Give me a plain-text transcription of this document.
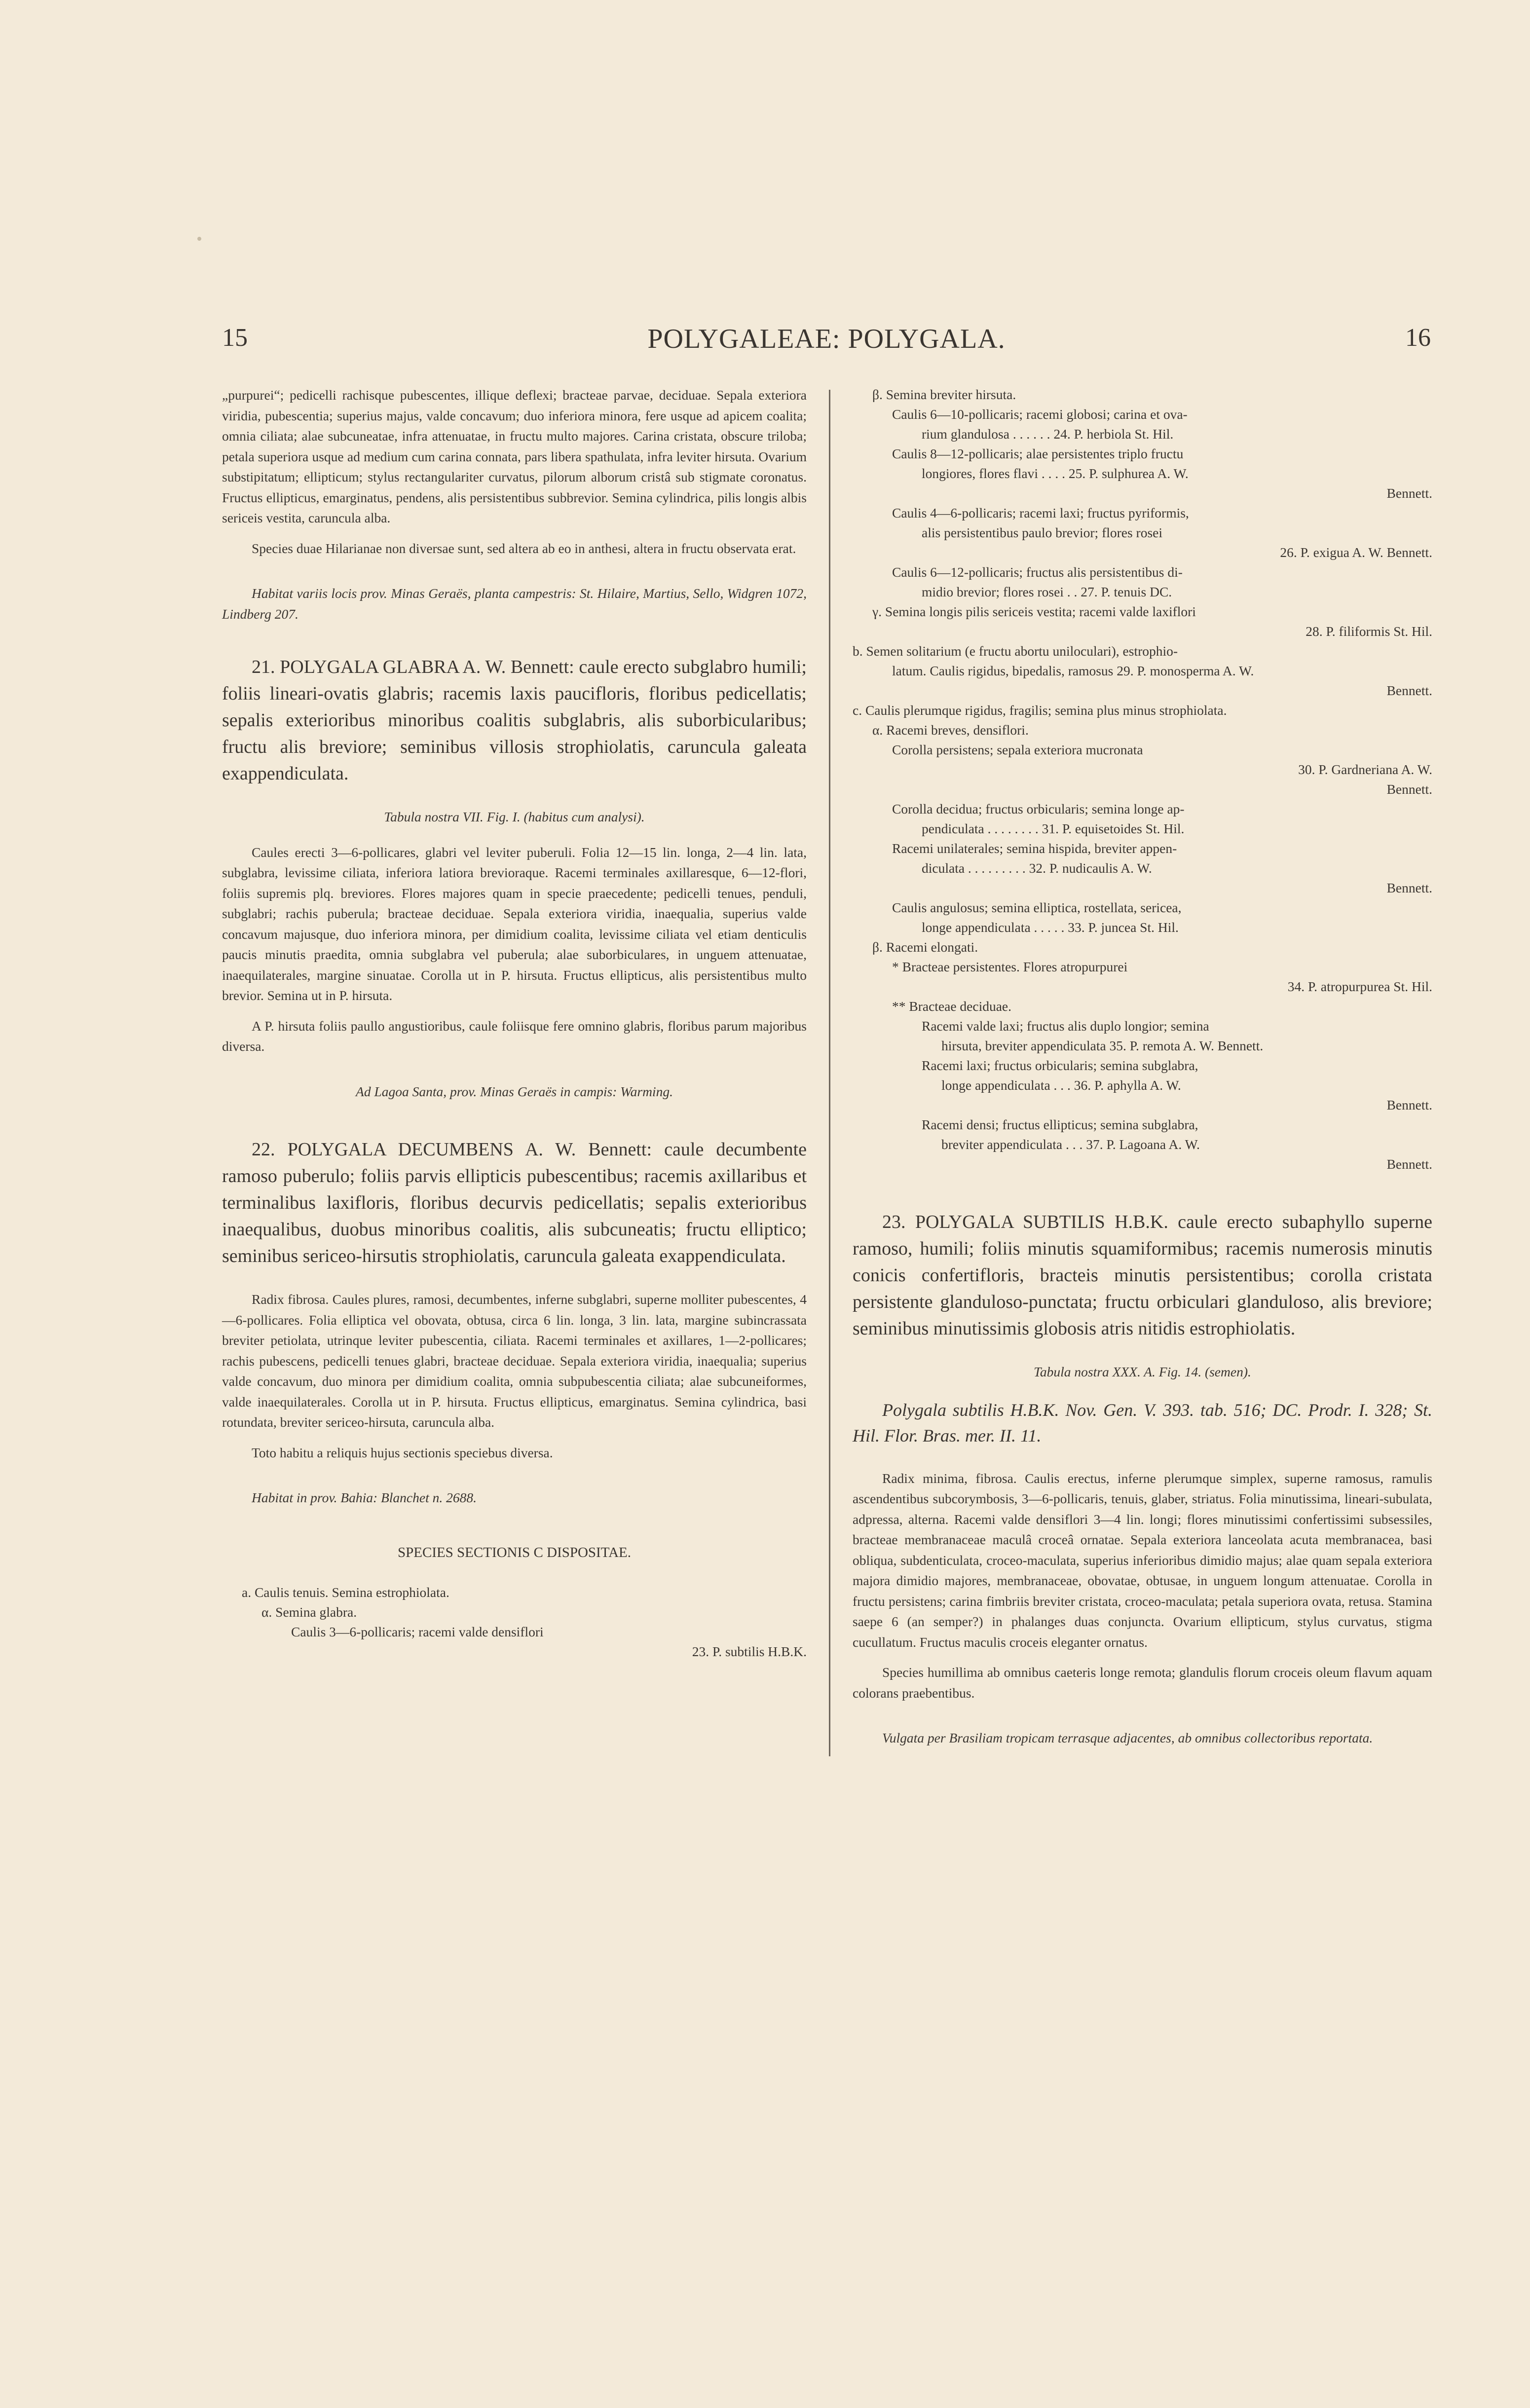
15	POLYGALEAE: POLYGALA.	16

„purpurei“; pedicelli rachisque pubescentes, illique deflexi; bracteae parvae, deciduae. Sepala exteriora viridia, pubescentia; superius majus, valde concavum; duo inferiora minora, fere usque ad apicem coalita; omnia ciliata; alae subcuneatae, infra attenuatae, in fructu multo majores. Carina cristata, obscure triloba; petala superiora usque ad medium cum carina connata, pars libera spathulata, infra leviter hirsuta. Ovarium substipitatum; ellipticum; stylus rectangulariter curvatus, pilorum alborum cristâ sub stigmate coronatus. Fructus ellipticus, emarginatus, pendens, alis persistentibus subbrevior. Semina cylindrica, pilis longis albis sericeis vestita, caruncula alba.

Species duae Hilarianae non diversae sunt, sed altera ab eo in anthesi, altera in fructu observata erat.

Habitat variis locis prov. Minas Geraës, planta campestris: St. Hilaire, Martius, Sello, Widgren 1072, Lindberg 207.

21. POLYGALA GLABRA A. W. Bennett: caule erecto subglabro humili; foliis lineari-ovatis glabris; racemis laxis paucifloris, floribus pedicellatis; sepalis exterioribus minoribus coalitis subglabris, alis suborbicularibus; fructu alis breviore; seminibus villosis strophiolatis, caruncula galeata exappendiculata.

Tabula nostra VII. Fig. I. (habitus cum analysi).

Caules erecti 3—6-pollicares, glabri vel leviter puberuli. Folia 12—15 lin. longa, 2—4 lin. lata, subglabra, levissime ciliata, inferiora latiora brevioraque. Racemi terminales axillaresque, 6—12-flori, foliis supremis plq. breviores. Flores majores quam in specie praecedente; pedicelli tenues, penduli, subglabri; rachis puberula; bracteae deciduae. Sepala exteriora viridia, inaequalia, superius valde concavum majusque, duo inferiora minora, per dimidium coalita, levissime ciliata vel etiam denticulis paucis minutis praedita, omnia subglabra vel puberula; alae suborbiculares, in unguem attenuatae, inaequilaterales, margine sinuatae. Corolla ut in P. hirsuta. Fructus ellipticus, alis persistentibus multo brevior. Semina ut in P. hirsuta.

A P. hirsuta foliis paullo angustioribus, caule foliisque fere omnino glabris, floribus parum majoribus diversa.

Ad Lagoa Santa, prov. Minas Geraës in campis: Warming.

22. POLYGALA DECUMBENS A. W. Bennett: caule decumbente ramoso puberulo; foliis parvis ellipticis pubescentibus; racemis axillaribus et terminalibus laxifloris, floribus decurvis pedicellatis; sepalis exterioribus inaequalibus, duobus minoribus coalitis, alis subcuneatis; fructu elliptico; seminibus sericeo-hirsutis strophiolatis, caruncula galeata exappendiculata.

Radix fibrosa. Caules plures, ramosi, decumbentes, inferne subglabri, superne molliter pubescentes, 4—6-pollicares. Folia elliptica vel obovata, obtusa, circa 6 lin. longa, 3 lin. lata, margine subincrassata breviter petiolata, utrinque leviter pubescentia, ciliata. Racemi terminales et axillares, 1—2-pollicares; rachis pubescens, pedicelli tenues glabri, bracteae deciduae. Sepala exteriora viridia, inaequalia; superius valde concavum, duo minora per dimidium coalita, omnia subpubescentia ciliata; alae subcuneiformes, valde inaequilaterales. Corolla ut in P. hirsuta. Fructus ellipticus, emarginatus. Semina cylindrica, basi rotundata, breviter sericeo-hirsuta, caruncula alba.

Toto habitu a reliquis hujus sectionis speciebus diversa.

Habitat in prov. Bahia: Blanchet n. 2688.

SPECIES SECTIONIS C DISPOSITAE.

a. Caulis tenuis. Semina estrophiolata.
α. Semina glabra.
Caulis 3—6-pollicaris; racemi valde densiflori
23. P. subtilis H.B.K.
β. Semina breviter hirsuta.
Caulis 6—10-pollicaris; racemi globosi; carina et ova-
rium glandulosa . . . . . . 24. P. herbiola St. Hil.
Caulis 8—12-pollicaris; alae persistentes triplo fructu
longiores, flores flavi . . . . 25. P. sulphurea A. W.
Bennett.
Caulis 4—6-pollicaris; racemi laxi; fructus pyriformis,
alis persistentibus paulo brevior; flores rosei
26. P. exigua A. W. Bennett.
Caulis 6—12-pollicaris; fructus alis persistentibus di-
midio brevior; flores rosei . . 27. P. tenuis DC.
γ. Semina longis pilis sericeis vestita; racemi valde laxiflori
28. P. filiformis St. Hil.
b. Semen solitarium (e fructu abortu uniloculari), estrophio-
latum. Caulis rigidus, bipedalis, ramosus 29. P. monosperma A. W.
Bennett.
c. Caulis plerumque rigidus, fragilis; semina plus minus strophiolata.
α. Racemi breves, densiflori.
Corolla persistens; sepala exteriora mucronata
30. P. Gardneriana A. W.
Bennett.
Corolla decidua; fructus orbicularis; semina longe ap-
pendiculata . . . . . . . . 31. P. equisetoides St. Hil.
Racemi unilaterales; semina hispida, breviter appen-
diculata . . . . . . . . . 32. P. nudicaulis A. W.
Bennett.
Caulis angulosus; semina elliptica, rostellata, sericea,
longe appendiculata . . . . . 33. P. juncea St. Hil.
β. Racemi elongati.
* Bracteae persistentes. Flores atropurpurei
34. P. atropurpurea St. Hil.
** Bracteae deciduae.
Racemi valde laxi; fructus alis duplo longior; semina
hirsuta, breviter appendiculata 35. P. remota A. W. Bennett.
Racemi laxi; fructus orbicularis; semina subglabra,
longe appendiculata . . . 36. P. aphylla A. W.
Bennett.
Racemi densi; fructus ellipticus; semina subglabra,
breviter appendiculata . . . 37. P. Lagoana A. W.
Bennett.

23. POLYGALA SUBTILIS H.B.K. caule erecto subaphyllo superne ramoso, humili; foliis minutis squamiformibus; racemis numerosis minutis conicis confertifloris, bracteis minutis persistentibus; corolla cristata persistente glanduloso-punctata; fructu orbiculari glanduloso, alis breviore; seminibus minutissimis globosis atris nitidis estrophiolatis.

Tabula nostra XXX. A. Fig. 14. (semen).

Polygala subtilis H.B.K. Nov. Gen. V. 393. tab. 516; DC. Prodr. I. 328; St. Hil. Flor. Bras. mer. II. 11.

Radix minima, fibrosa. Caulis erectus, inferne plerumque simplex, superne ramosus, ramulis ascendentibus subcorymbosis, 3—6-pollicaris, tenuis, glaber, striatus. Folia minutissima, lineari-subulata, adpressa, alterna. Racemi valde densiflori 3—4 lin. longi; flores minutissimi confertissimi subsessiles, bracteae membranaceae maculâ croceâ ornatae. Sepala exteriora lanceolata acuta membranacea, basi obliqua, subdenticulata, croceo-maculata, superius inferioribus dimidio majus; alae quam sepala exteriora majora dimidio majores, membranaceae, obovatae, obtusae, in unguem longum attenuatae. Corolla in fructu persistens; carina fimbriis breviter cristata, croceo-maculata; petala superiora ovata, retusa. Stamina saepe 6 (an semper?) in phalanges duas conjuncta. Ovarium ellipticum, stylus curvatus, stigma cucullatum. Fructus maculis croceis eleganter ornatus.

Species humillima ab omnibus caeteris longe remota; glandulis florum croceis oleum flavum aquam colorans praebentibus.

Vulgata per Brasiliam tropicam terrasque adjacentes, ab omnibus collectoribus reportata.
